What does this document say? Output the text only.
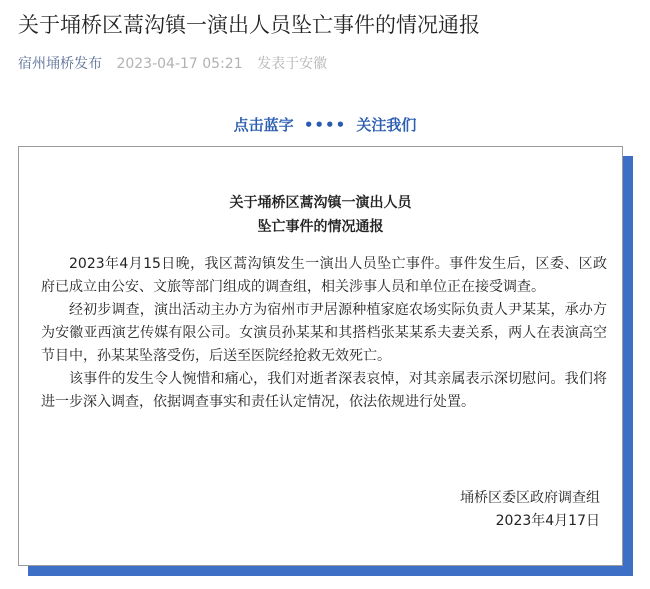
关于埇桥区蒿沟镇一演出人员坠亡事件的情况通报
宿州埇桥发布 2023-04-17 05:21 发表于安徽
点击蓝字 •••• 关注我们
关于埇桥区蒿沟镇一演出人员
坠亡事件的情况通报

2023年4月15日晚，我区蒿沟镇发生一演出人员坠亡事件。事件发生后，区委、区政府已成立由公安、文旅等部门组成的调查组，相关涉事人员和单位正在接受调查。

经初步调查，演出活动主办方为宿州市尹居源种植家庭农场实际负责人尹某某，承办方为安徽亚西演艺传媒有限公司。女演员孙某某和其搭档张某某系夫妻关系，两人在表演高空节目中，孙某某坠落受伤，后送至医院经抢救无效死亡。

该事件的发生令人惋惜和痛心，我们对逝者深表哀悼，对其亲属表示深切慰问。我们将进一步深入调查，依据调查事实和责任认定情况，依法依规进行处置。

埇桥区委区政府调查组
2023年4月17日
